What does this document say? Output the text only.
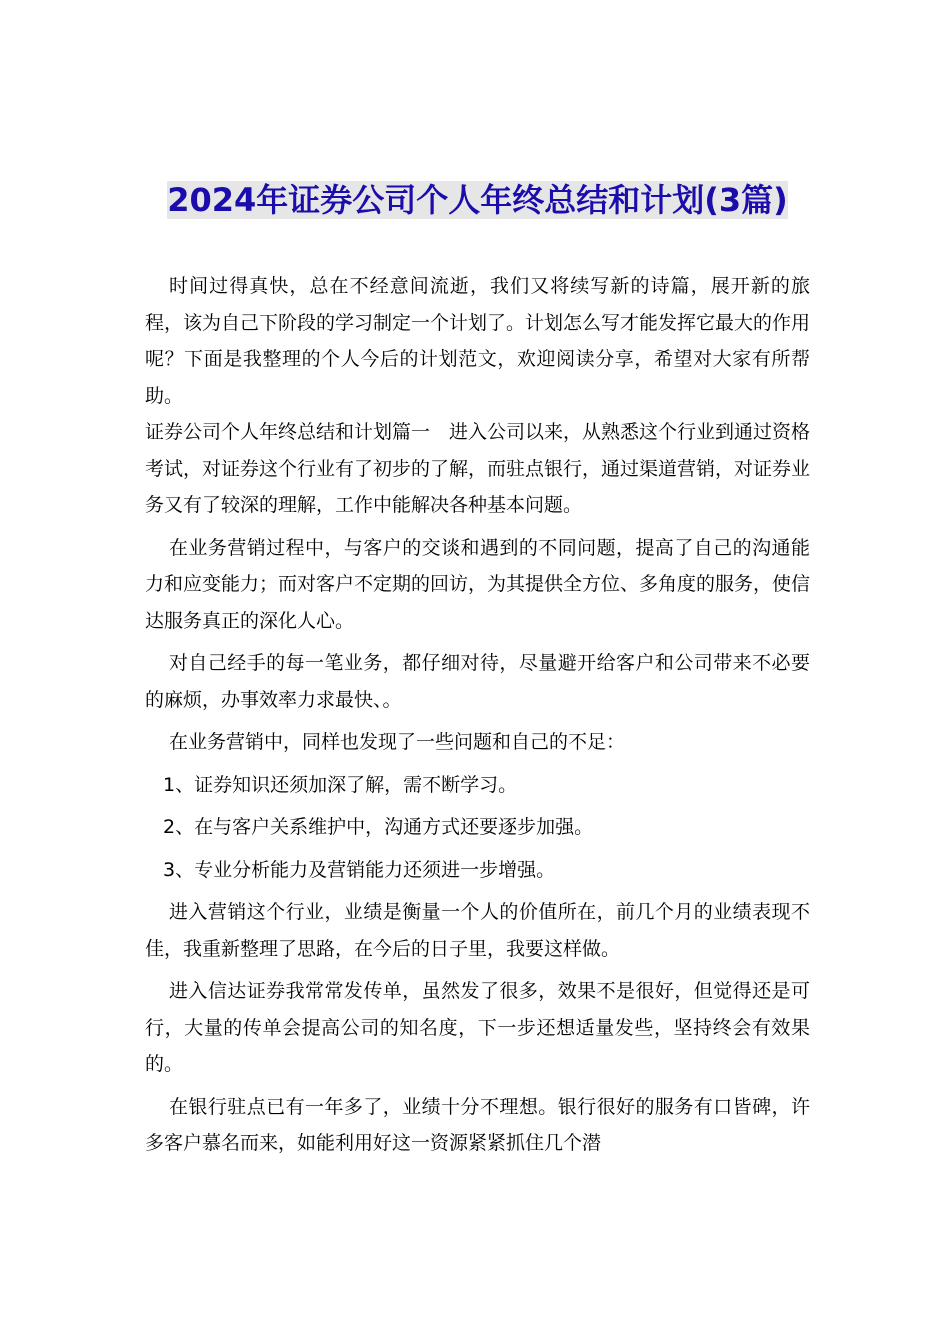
2024年证券公司个人年终总结和计划(3篇)

时间过得真快，总在不经意间流逝，我们又将续写新的诗篇，展开新的旅程，该为自己下阶段的学习制定一个计划了。计划怎么写才能发挥它最大的作用呢？下面是我整理的个人今后的计划范文，欢迎阅读分享，希望对大家有所帮助。

证券公司个人年终总结和计划篇一　进入公司以来，从熟悉这个行业到通过资格考试，对证券这个行业有了初步的了解，而驻点银行，通过渠道营销，对证券业务又有了较深的理解，工作中能解决各种基本问题。

在业务营销过程中，与客户的交谈和遇到的不同问题，提高了自己的沟通能力和应变能力；而对客户不定期的回访，为其提供全方位、多角度的服务，使信达服务真正的深化人心。

对自己经手的每一笔业务，都仔细对待，尽量避开给客户和公司带来不必要的麻烦，办事效率力求最快、。

在业务营销中，同样也发现了一些问题和自己的不足：

1、证券知识还须加深了解，需不断学习。

2、在与客户关系维护中，沟通方式还要逐步加强。

3、专业分析能力及营销能力还须进一步增强。

进入营销这个行业，业绩是衡量一个人的价值所在，前几个月的业绩表现不佳，我重新整理了思路，在今后的日子里，我要这样做。

进入信达证券我常常发传单，虽然发了很多，效果不是很好，但觉得还是可行，大量的传单会提高公司的知名度，下一步还想适量发些，坚持终会有效果的。

在银行驻点已有一年多了，业绩十分不理想。银行很好的服务有口皆碑，许多客户慕名而来，如能利用好这一资源紧紧抓住几个潜
